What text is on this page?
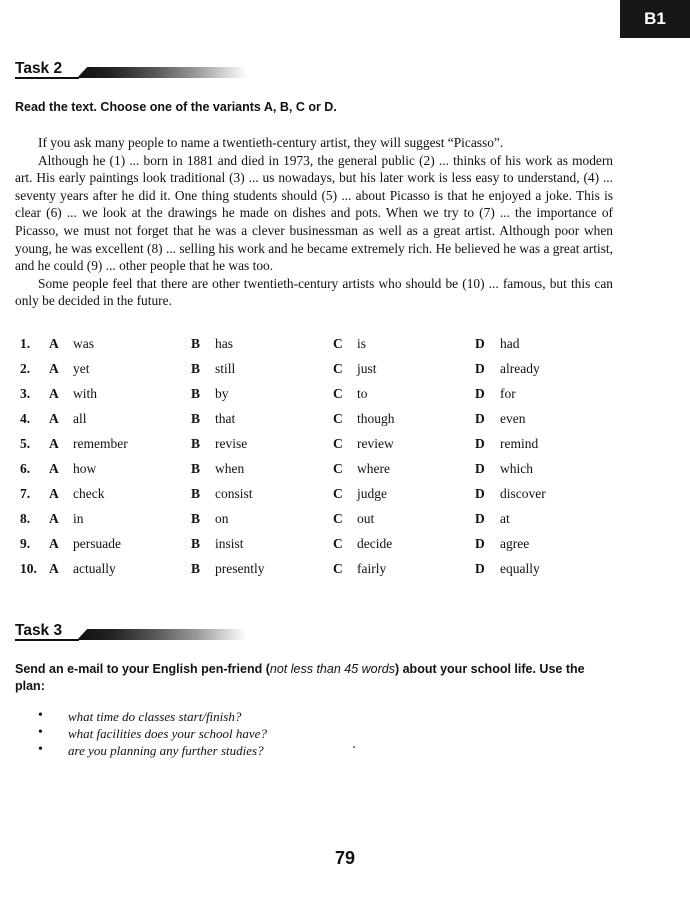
B1
Task 2
Read the text. Choose one of the variants A, B, C or D.

If you ask many people to name a twentieth-century artist, they will suggest “Picasso”.

Although he (1) ... born in 1881 and died in 1973, the general public (2) ... thinks of his work as modern art. His early paintings look traditional (3) ... us nowadays, but his later work is less easy to understand, (4) ... seventy years after he did it. One thing students should (5) ... about Picasso is that he enjoyed a joke. This is clear (6) ... we look at the drawings he made on dishes and pots. When we try to (7) ... the importance of Picasso, we must not forget that he was a clever businessman as well as a great artist. Although poor when young, he was excellent (8) ... selling his work and he became extremely rich. He believed he was a great artist, and he could (9) ... other people that he was too.

Some people feel that there are other twentieth-century artists who should be (10) ... famous, but this can only be decided in the future.

1.	A was	B has	C is	D had
2.	A yet	B still	C just	D already
3.	A with	B by	C to	D for
4.	A all	B that	C though	D even
5.	A remember	B revise	C review	D remind
6.	A how	B when	C where	D which
7.	A check	B consist	C judge	D discover
8.	A in	B on	C out	D at
9.	A persuade	B insist	C decide	D agree
10. A actually	B presently	C fairly	D equally
Task 3
Send an e-mail to your English pen-friend (not less than 45 words) about your school life. Use the plan:
• what time do classes start/finish?
• what facilities does your school have?
• are you planning any further studies?
79
